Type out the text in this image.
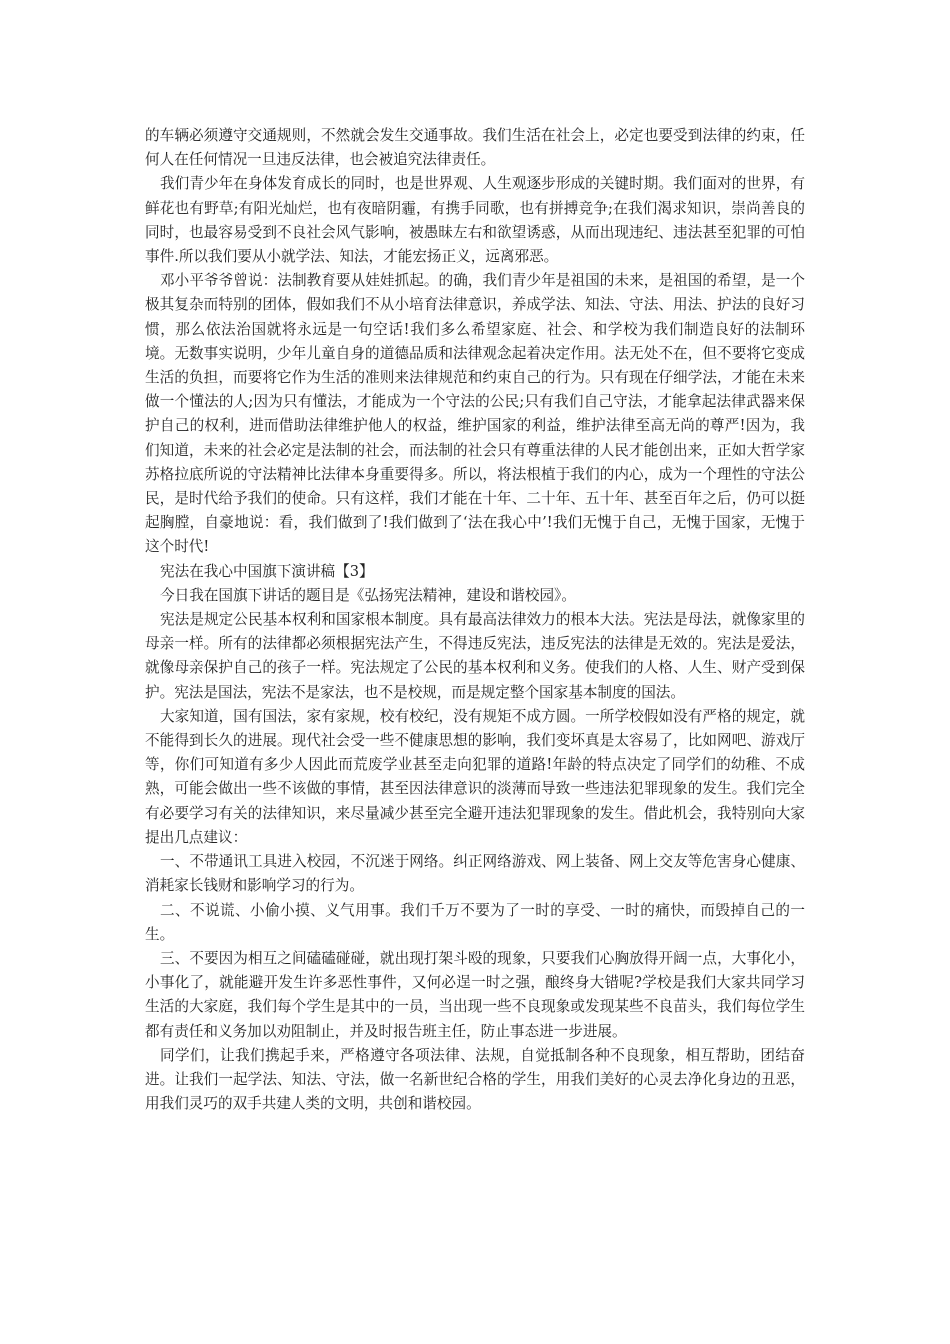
的车辆必须遵守交通规则，不然就会发生交通事故。我们生活在社会上，必定也要受到法律的约束，任何人在任何情况一旦违反法律，也会被追究法律责任。

我们青少年在身体发育成长的同时，也是世界观、人生观逐步形成的关键时期。我们面对的世界，有鲜花也有野草;有阳光灿烂，也有夜暗阴霾，有携手同歌，也有拼搏竞争;在我们渴求知识，崇尚善良的同时，也最容易受到不良社会风气影响，被愚昧左右和欲望诱惑，从而出现违纪、违法甚至犯罪的可怕事件.所以我们要从小就学法、知法，才能宏扬正义，远离邪恶。

邓小平爷爷曾说：法制教育要从娃娃抓起。的确，我们青少年是祖国的未来，是祖国的希望，是一个极其复杂而特别的团体，假如我们不从小培育法律意识，养成学法、知法、守法、用法、护法的良好习惯，那么依法治国就将永远是一句空话!我们多么希望家庭、社会、和学校为我们制造良好的法制环境。无数事实说明，少年儿童自身的道德品质和法律观念起着决定作用。法无处不在，但不要将它变成生活的负担，而要将它作为生活的准则来法律规范和约束自己的行为。只有现在仔细学法，才能在未来做一个懂法的人;因为只有懂法，才能成为一个守法的公民;只有我们自己守法，才能拿起法律武器来保护自己的权利，进而借助法律维护他人的权益，维护国家的利益，维护法律至高无尚的尊严!因为，我们知道，未来的社会必定是法制的社会，而法制的社会只有尊重法律的人民才能创出来，正如大哲学家苏格拉底所说的守法精神比法律本身重要得多。所以，将法根植于我们的内心，成为一个理性的守法公民，是时代给予我们的使命。只有这样，我们才能在十年、二十年、五十年、甚至百年之后，仍可以挺起胸膛，自豪地说：看，我们做到了!我们做到了‘法在我心中’!我们无愧于自己，无愧于国家，无愧于这个时代!

宪法在我心中国旗下演讲稿【3】

今日我在国旗下讲话的题目是《弘扬宪法精神，建设和谐校园》。

宪法是规定公民基本权利和国家根本制度。具有最高法律效力的根本大法。宪法是母法，就像家里的母亲一样。所有的法律都必须根据宪法产生，不得违反宪法，违反宪法的法律是无效的。宪法是爱法，就像母亲保护自己的孩子一样。宪法规定了公民的基本权利和义务。使我们的人格、人生、财产受到保护。宪法是国法，宪法不是家法，也不是校规，而是规定整个国家基本制度的国法。

大家知道，国有国法，家有家规，校有校纪，没有规矩不成方圆。一所学校假如没有严格的规定，就不能得到长久的进展。现代社会受一些不健康思想的影响，我们变坏真是太容易了，比如网吧、游戏厅等，你们可知道有多少人因此而荒废学业甚至走向犯罪的道路!年龄的特点决定了同学们的幼稚、不成熟，可能会做出一些不该做的事情，甚至因法律意识的淡薄而导致一些违法犯罪现象的发生。我们完全有必要学习有关的法律知识，来尽量减少甚至完全避开违法犯罪现象的发生。借此机会，我特别向大家提出几点建议：

一、不带通讯工具进入校园，不沉迷于网络。纠正网络游戏、网上装备、网上交友等危害身心健康、消耗家长钱财和影响学习的行为。

二、不说谎、小偷小摸、义气用事。我们千万不要为了一时的享受、一时的痛快，而毁掉自己的一生。

三、不要因为相互之间磕磕碰碰，就出现打架斗殴的现象，只要我们心胸放得开阔一点，大事化小，小事化了，就能避开发生许多恶性事件，又何必逞一时之强，酿终身大错呢?学校是我们大家共同学习生活的大家庭，我们每个学生是其中的一员，当出现一些不良现象或发现某些不良苗头，我们每位学生都有责任和义务加以劝阻制止，并及时报告班主任，防止事态进一步进展。

同学们，让我们携起手来，严格遵守各项法律、法规，自觉抵制各种不良现象，相互帮助，团结奋进。让我们一起学法、知法、守法，做一名新世纪合格的学生，用我们美好的心灵去净化身边的丑恶，用我们灵巧的双手共建人类的文明，共创和谐校园。
